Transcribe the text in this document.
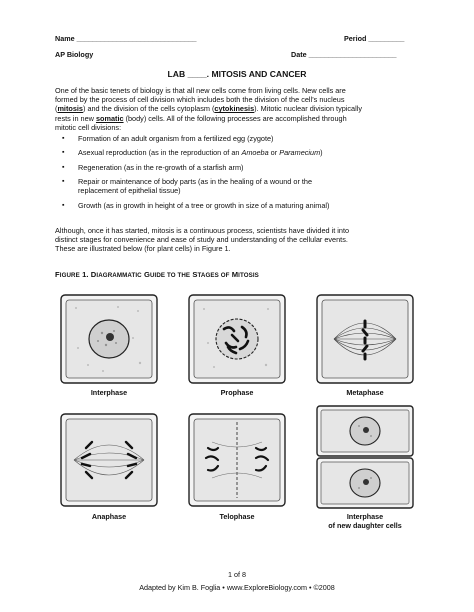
Name ______________________________	Period _________
AP Biology	Date ______________________
LAB ____. MITOSIS AND CANCER
One of the basic tenets of biology is that all new cells come from living cells. New cells are
formed by the process of cell division which includes both the division of the cell’s nucleus
(mitosis) and the division of the cells cytoplasm (cytokinesis). Mitotic nuclear division typically
rests in new somatic (body) cells. All of the following processes are accomplished through
mitotic cell divisions:
▪ Formation of an adult organism from a fertilized egg (zygote)
▪ Asexual reproduction (as in the reproduction of an Amoeba or Paramecium)
▪ Regeneration (as in the re-growth of a starfish arm)
▪ Repair or maintenance of body parts (as in the healing of a wound or the
replacement of epithelial tissue)
▪ Growth (as in growth in height of a tree or growth in size of a maturing animal)
Although, once it has started, mitosis is a continuous process, scientists have divided it into
distinct stages for convenience and ease of study and understanding of the cellular events.
These are illustrated below (for plant cells) in Figure 1.
FIGURE 1. DIAGRAMMATIC GUIDE TO THE STAGES OF MITOSIS
Interphase	Prophase	Metaphase
Anaphase	Telophase	Interphase
of new daughter cells
1 of 8
Adapted by Kim B. Foglia • www.ExploreBiology.com • ©2008
